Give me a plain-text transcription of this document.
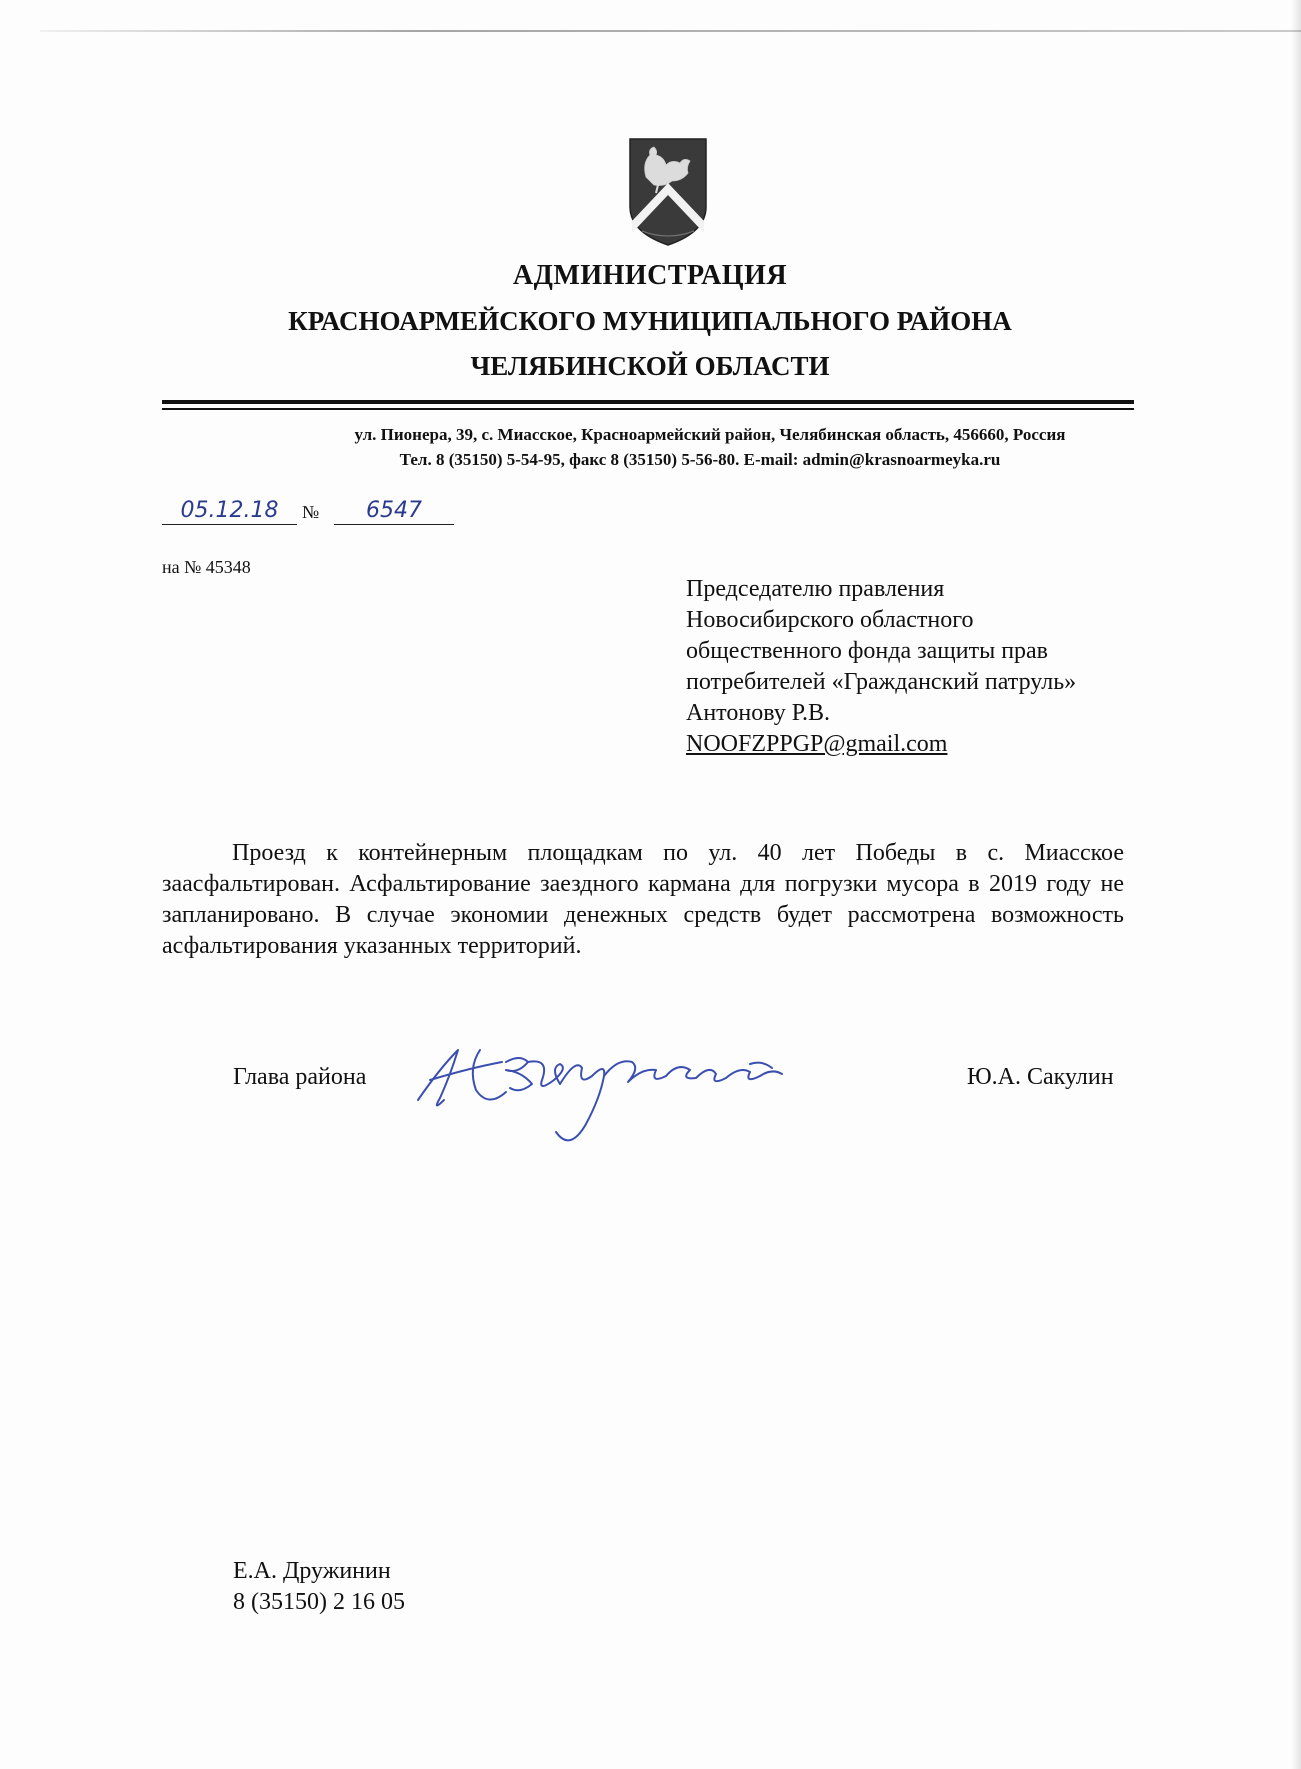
АДМИНИСТРАЦИЯ
КРАСНОАРМЕЙСКОГО МУНИЦИПАЛЬНОГО РАЙОНА
ЧЕЛЯБИНСКОЙ ОБЛАСТИ
ул. Пионера, 39, с. Миасское, Красноармейский район, Челябинская область, 456660, Россия
Тел. 8 (35150) 5-54-95, факс 8 (35150) 5-56-80. E-mail: admin@krasnoarmeyka.ru
05.12.18	№	6547
на № 45348
Председателю правления
Новосибирского областного
общественного фонда защиты прав
потребителей «Гражданский патруль»
Антонову Р.В.
NOOFZPPGP@gmail.com
Проезд к контейнерным площадкам по ул. 40 лет Победы в с. Миасское заасфальтирован. Асфальтирование заездного кармана для погрузки мусора в 2019 году не запланировано. В случае экономии денежных средств будет рассмотрена возможность асфальтирования указанных территорий.
Глава района	Ю.А. Сакулин
Е.А. Дружинин
8 (35150) 2 16 05
